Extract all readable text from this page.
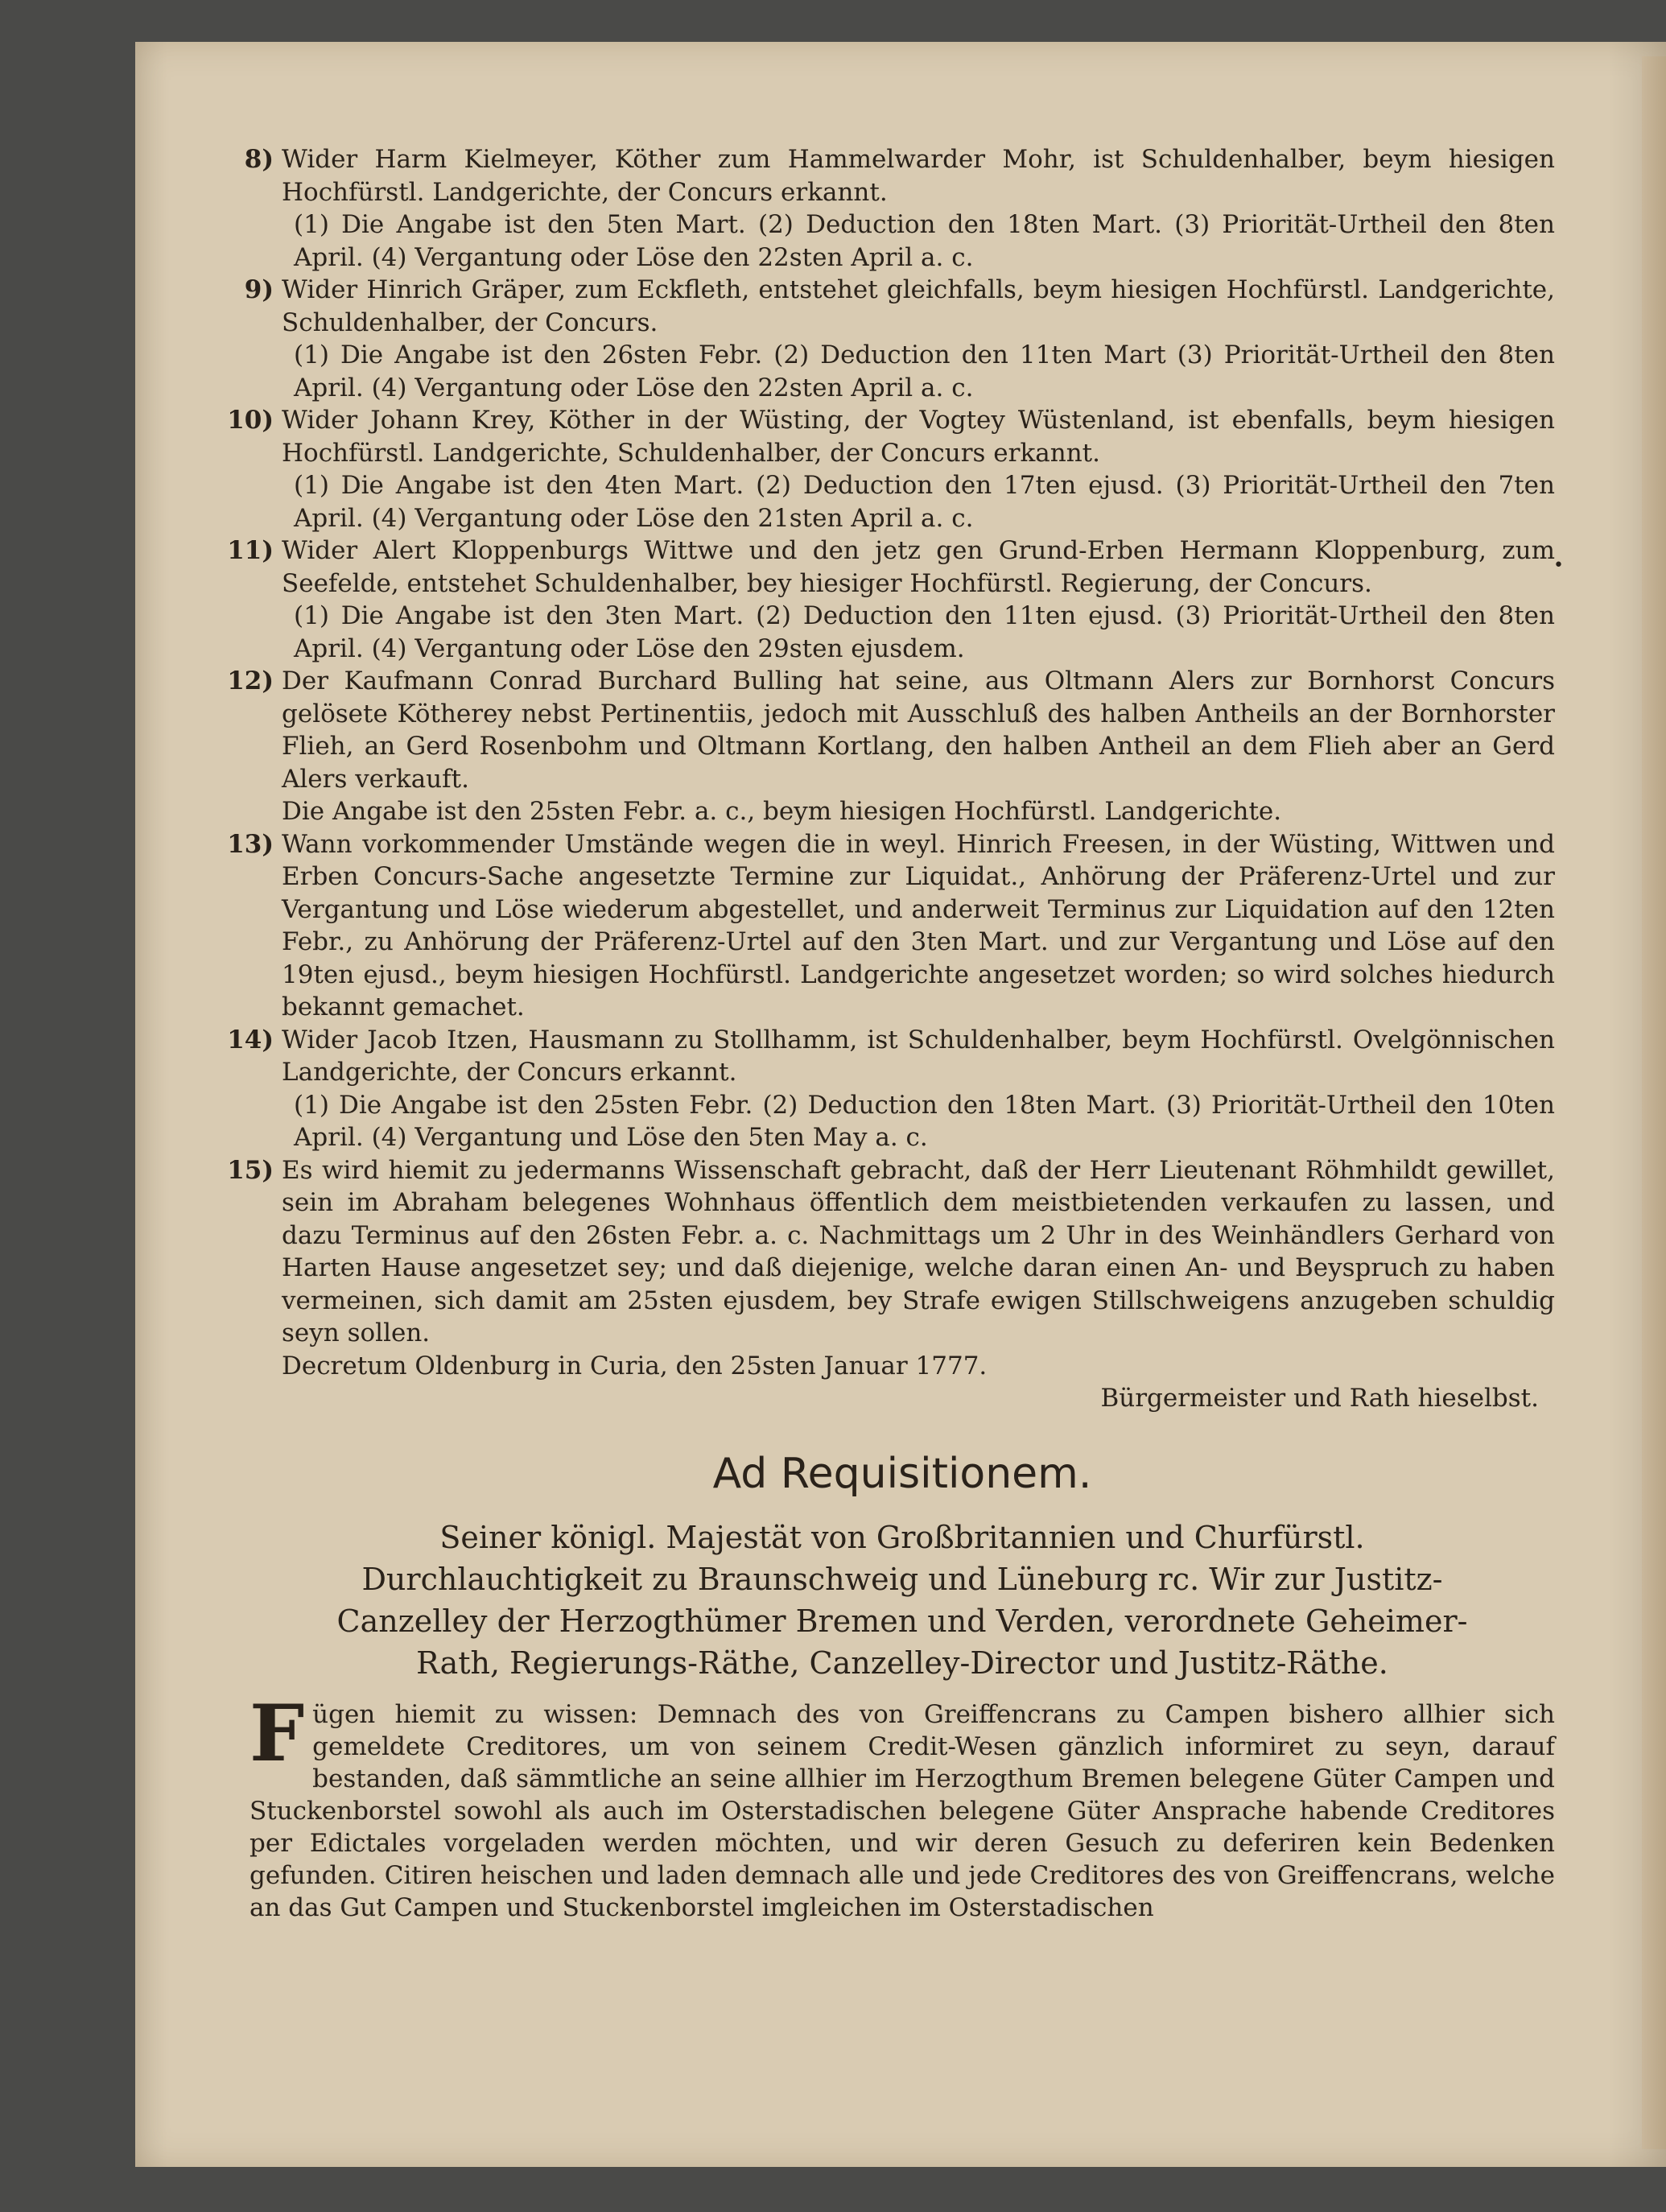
8) Wider Harm Kielmeyer, Köther zum Hammelwarder Mohr, ist Schuldenhalber, beym hiesigen Hochfürstl. Landgerichte, der Concurs erkannt.
(1) Die Angabe ist den 5ten Mart. (2) Deduction den 18ten Mart. (3) Priorität-Urtheil den 8ten April. (4) Vergantung oder Löse den 22sten April a. c.
9) Wider Hinrich Gräper, zum Eckfleth, entstehet gleichfalls, beym hiesigen Hochfürstl. Landgerichte, Schuldenhalber, der Concurs.
(1) Die Angabe ist den 26sten Febr. (2) Deduction den 11ten Mart (3) Priorität-Urtheil den 8ten April. (4) Vergantung oder Löse den 22sten April a. c.
10) Wider Johann Krey, Köther in der Wüsting, der Vogtey Wüstenland, ist ebenfalls, beym hiesigen Hochfürstl. Landgerichte, Schuldenhalber, der Concurs erkannt.
(1) Die Angabe ist den 4ten Mart. (2) Deduction den 17ten ejusd. (3) Priorität-Urtheil den 7ten April. (4) Vergantung oder Löse den 21sten April a. c.
11) Wider Alert Kloppenburgs Wittwe und den jetz gen Grund-Erben Hermann Kloppenburg, zum Seefelde, entstehet Schuldenhalber, bey hiesiger Hochfürstl. Regierung, der Concurs.
(1) Die Angabe ist den 3ten Mart. (2) Deduction den 11ten ejusd. (3) Priorität-Urtheil den 8ten April. (4) Vergantung oder Löse den 29sten ejusdem.
12) Der Kaufmann Conrad Burchard Bulling hat seine, aus Oltmann Alers zur Bornhorst Concurs gelösete Kötherey nebst Pertinentiis, jedoch mit Ausschluß des halben Antheils an der Bornhorster Flieh, an Gerd Rosenbohm und Oltmann Kortlang, den halben Antheil an dem Flieh aber an Gerd Alers verkauft.
Die Angabe ist den 25sten Febr. a. c., beym hiesigen Hochfürstl. Landgerichte.
13) Wann vorkommender Umstände wegen die in weyl. Hinrich Freesen, in der Wüsting, Wittwen und Erben Concurs-Sache angesetzte Termine zur Liquidat., Anhörung der Präferenz-Urtel und zur Vergantung und Löse wiederum abgestellet, und anderweit Terminus zur Liquidation auf den 12ten Febr., zu Anhörung der Präferenz-Urtel auf den 3ten Mart. und zur Vergantung und Löse auf den 19ten ejusd., beym hiesigen Hochfürstl. Landgerichte angesetzet worden; so wird solches hiedurch bekannt gemachet.
14) Wider Jacob Itzen, Hausmann zu Stollhamm, ist Schuldenhalber, beym Hochfürstl. Ovelgönnischen Landgerichte, der Concurs erkannt.
(1) Die Angabe ist den 25sten Febr. (2) Deduction den 18ten Mart. (3) Priorität-Urtheil den 10ten April. (4) Vergantung und Löse den 5ten May a. c.
15) Es wird hiemit zu jedermanns Wissenschaft gebracht, daß der Herr Lieutenant Röhmhildt gewillet, sein im Abraham belegenes Wohnhaus öffentlich dem meistbietenden verkaufen zu lassen, und dazu Terminus auf den 26sten Febr. a. c. Nachmittags um 2 Uhr in des Weinhändlers Gerhard von Harten Hause angesetzet sey; und daß diejenige, welche daran einen An- und Beyspruch zu haben vermeinen, sich damit am 25sten ejusdem, bey Strafe ewigen Stillschweigens anzugeben schuldig seyn sollen.
Decretum Oldenburg in Curia, den 25sten Januar 1777.
Bürgermeister und Rath hieselbst.
Ad Requisitionem.
Seiner königl. Majestät von Großbritannien und Churfürstl. Durchlauchtigkeit zu Braunschweig und Lüneburg rc. Wir zur Justitz-Canzelley der Herzogthümer Bremen und Verden, verordnete Geheimer-Rath, Regierungs-Räthe, Canzelley-Director und Justitz-Räthe.
Fügen hiemit zu wissen: Demnach des von Greiffencrans zu Campen bishero allhier sich gemeldete Creditores, um von seinem Credit-Wesen gänzlich informiret zu seyn, darauf bestanden, daß sämmtliche an seine allhier im Herzogthum Bremen belegene Güter Campen und Stuckenborstel sowohl als auch im Osterstadischen belegene Güter Ansprache habende Creditores per Edictales vorgeladen werden möchten, und wir deren Gesuch zu deferiren kein Bedenken gefunden. Citiren heischen und laden demnach alle und jede Creditores des von Greiffencrans, welche an das Gut Campen und Stuckenborstel imgleichen im Osterstadischen
•
